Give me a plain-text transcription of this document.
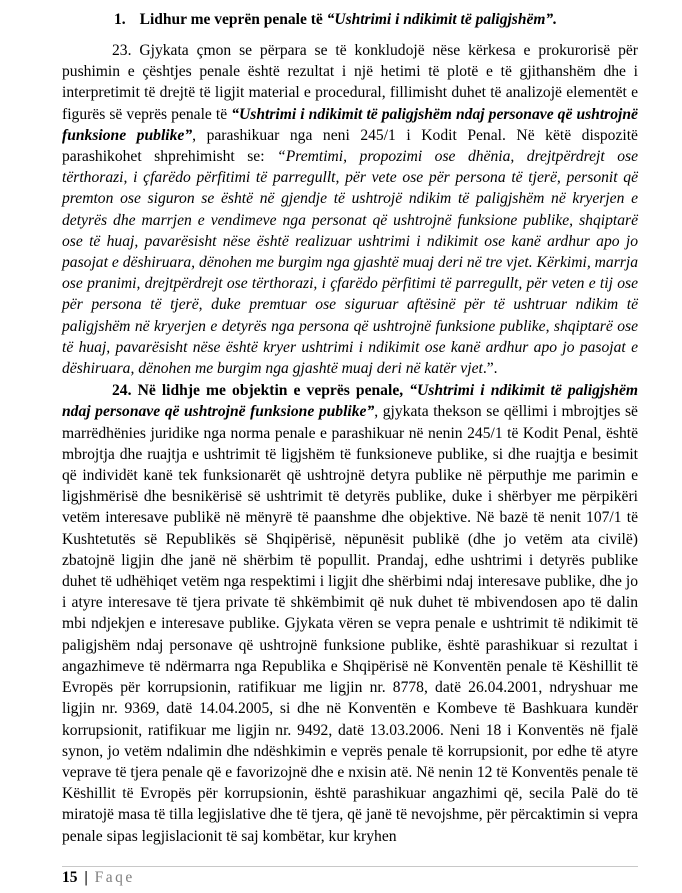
1. Lidhur me veprën penale të “Ushtrimi i ndikimit të paligjshëm”.

23. Gjykata çmon se përpara se të konkludojë nëse kërkesa e prokurorisë për pushimin e çështjes penale është rezultat i një hetimi të plotë e të gjithanshëm dhe i interpretimit të drejtë të ligjit material e procedural, fillimisht duhet të analizojë elementët e figurës së veprës penale të “Ushtrimi i ndikimit të paligjshëm ndaj personave që ushtrojnë funksione publike”, parashikuar nga neni 245/1 i Kodit Penal. Në këtë dispozitë parashikohet shprehimisht se: “Premtimi, propozimi ose dhënia, drejtpërdrejt ose tërthorazi, i çfarëdo përfitimi të parregullt, për vete ose për persona të tjerë, personit që premton ose siguron se është në gjendje të ushtrojë ndikim të paligjshëm në kryerjen e detyrës dhe marrjen e vendimeve nga personat që ushtrojnë funksione publike, shqiptarë ose të huaj, pavarësisht nëse është realizuar ushtrimi i ndikimit ose kanë ardhur apo jo pasojat e dëshiruara, dënohen me burgim nga gjashtë muaj deri në tre vjet. Kërkimi, marrja ose pranimi, drejtpërdrejt ose tërthorazi, i çfarëdo përfitimi të parregullt, për veten e tij ose për persona të tjerë, duke premtuar ose siguruar aftësinë për të ushtruar ndikim të paligjshëm në kryerjen e detyrës nga persona që ushtrojnë funksione publike, shqiptarë ose të huaj, pavarësisht nëse është kryer ushtrimi i ndikimit ose kanë ardhur apo jo pasojat e dëshiruara, dënohen me burgim nga gjashtë muaj deri në katër vjet.”.

24. Në lidhje me objektin e veprës penale, “Ushtrimi i ndikimit të paligjshëm ndaj personave që ushtrojnë funksione publike”, gjykata thekson se qëllimi i mbrojtjes së marrëdhënies juridike nga norma penale e parashikuar në nenin 245/1 të Kodit Penal, është mbrojtja dhe ruajtja e ushtrimit të ligjshëm të funksioneve publike, si dhe ruajtja e besimit që individët kanë tek funksionarët që ushtrojnë detyra publike në përputhje me parimin e ligjshmërisë dhe besnikërisë së ushtrimit të detyrës publike, duke i shërbyer me përpikëri vetëm interesave publikë në mënyrë të paanshme dhe objektive. Në bazë të nenit 107/1 të Kushtetutës së Republikës së Shqipërisë, nëpunësit publikë (dhe jo vetëm ata civilë) zbatojnë ligjin dhe janë në shërbim të popullit. Prandaj, edhe ushtrimi i detyrës publike duhet të udhëhiqet vetëm nga respektimi i ligjit dhe shërbimi ndaj interesave publike, dhe jo i atyre interesave të tjera private të shkëmbimit që nuk duhet të mbivendosen apo të dalin mbi ndjekjen e interesave publike. Gjykata vëren se vepra penale e ushtrimit të ndikimit të paligjshëm ndaj personave që ushtrojnë funksione publike, është parashikuar si rezultat i angazhimeve të ndërmarra nga Republika e Shqipërisë në Konventën penale të Këshillit të Evropës për korrupsionin, ratifikuar me ligjin nr. 8778, datë 26.04.2001, ndryshuar me ligjin nr. 9369, datë 14.04.2005, si dhe në Konventën e Kombeve të Bashkuara kundër korrupsionit, ratifikuar me ligjin nr. 9492, datë 13.03.2006. Neni 18 i Konventës në fjalë synon, jo vetëm ndalimin dhe ndëshkimin e veprës penale të korrupsionit, por edhe të atyre veprave të tjera penale që e favorizojnë dhe e nxisin atë. Në nenin 12 të Konventës penale të Këshillit të Evropës për korrupsionin, është parashikuar angazhimi që, secila Palë do të miratojë masa të tilla legjislative dhe të tjera, që janë të nevojshme, për përcaktimin si vepra penale sipas legjislacionit të saj kombëtar, kur kryhen

15 | Faqe
